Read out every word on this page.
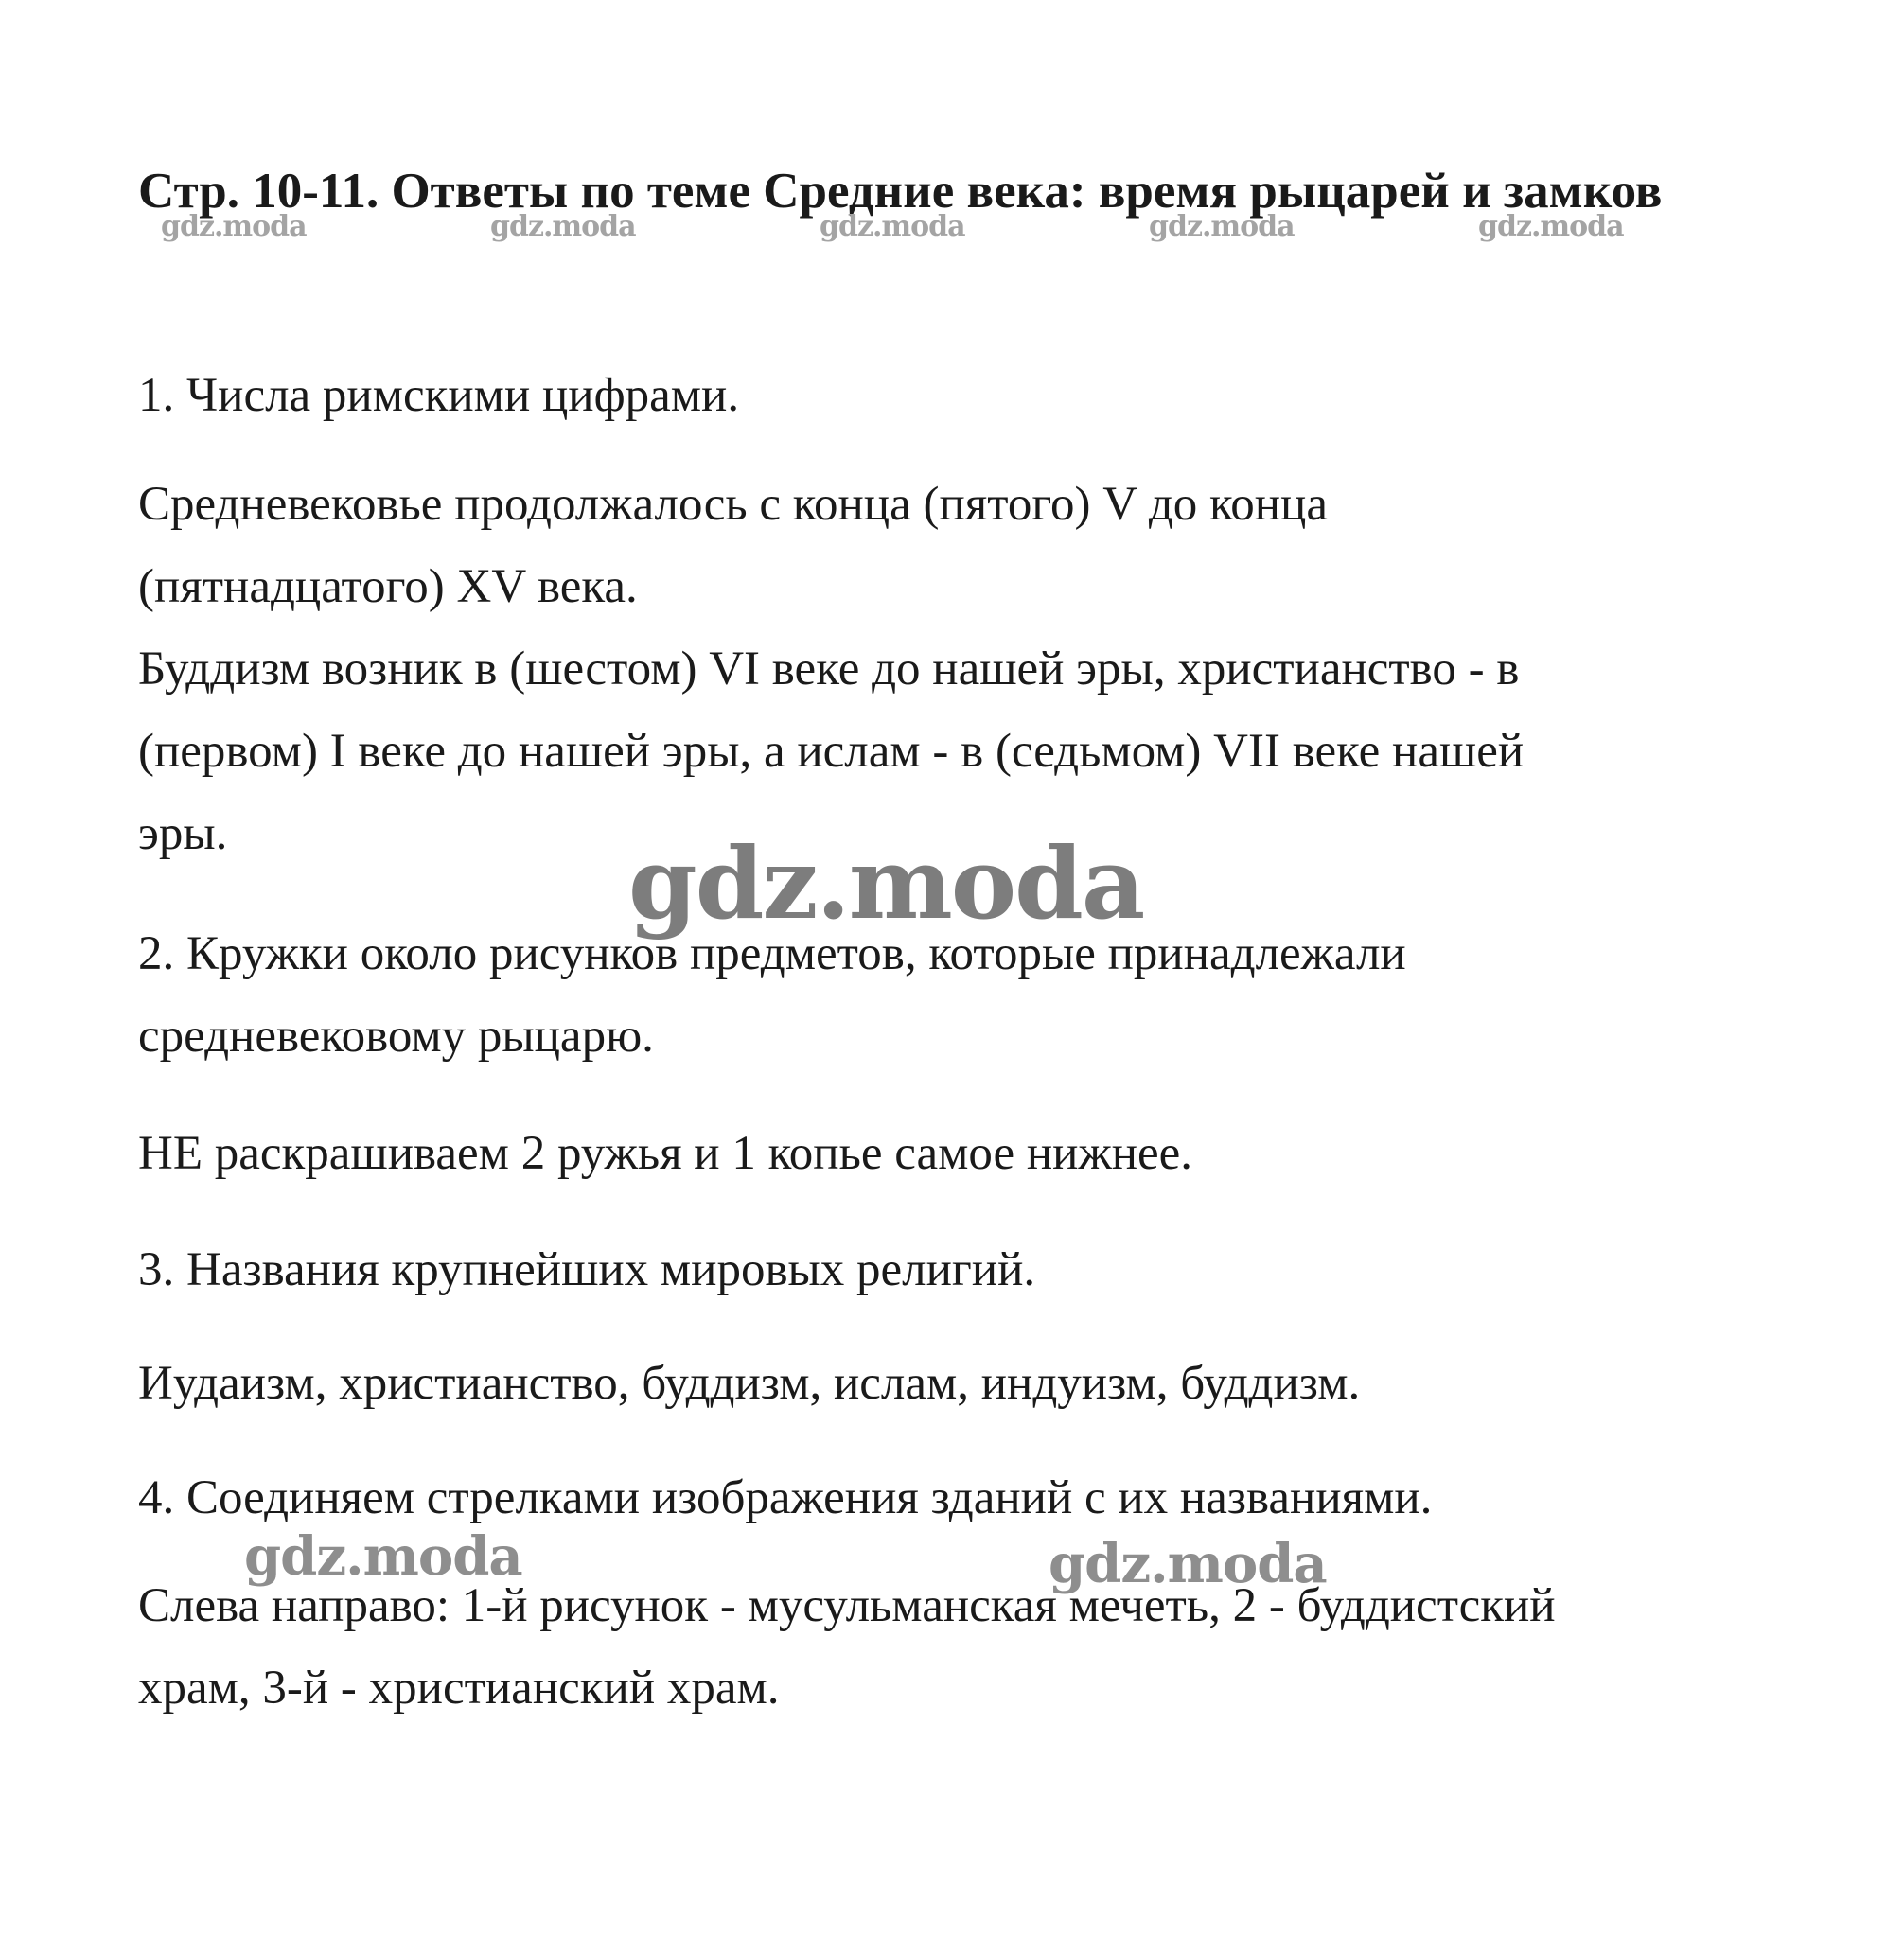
Стр. 10-11. Ответы по теме Средние века: время рыцарей и замков
gdz.moda	gdz.moda	gdz.moda	gdz.moda	gdz.moda

1. Числа римскими цифрами.

Средневековье продолжалось с конца (пятого) V до конца

(пятнадцатого) XV века.

Буддизм возник в (шестом) VI веке до нашей эры, христианство - в

(первом) I веке до нашей эры, а ислам - в (седьмом) VII веке нашей

эры.	gdz.moda

2. Кружки около рисунков предметов, которые принадлежали

средневековому рыцарю.

НЕ раскрашиваем 2 ружья и 1 копье самое нижнее.

3. Названия крупнейших мировых религий.

Иудаизм, христианство, буддизм, ислам, индуизм, буддизм.

4. Соединяем стрелками изображения зданий с их названиями.

gdz.moda	gdz.moda

Слева направо: 1-й рисунок - мусульманская мечеть, 2 - буддистский

храм, 3-й - христианский храм.
